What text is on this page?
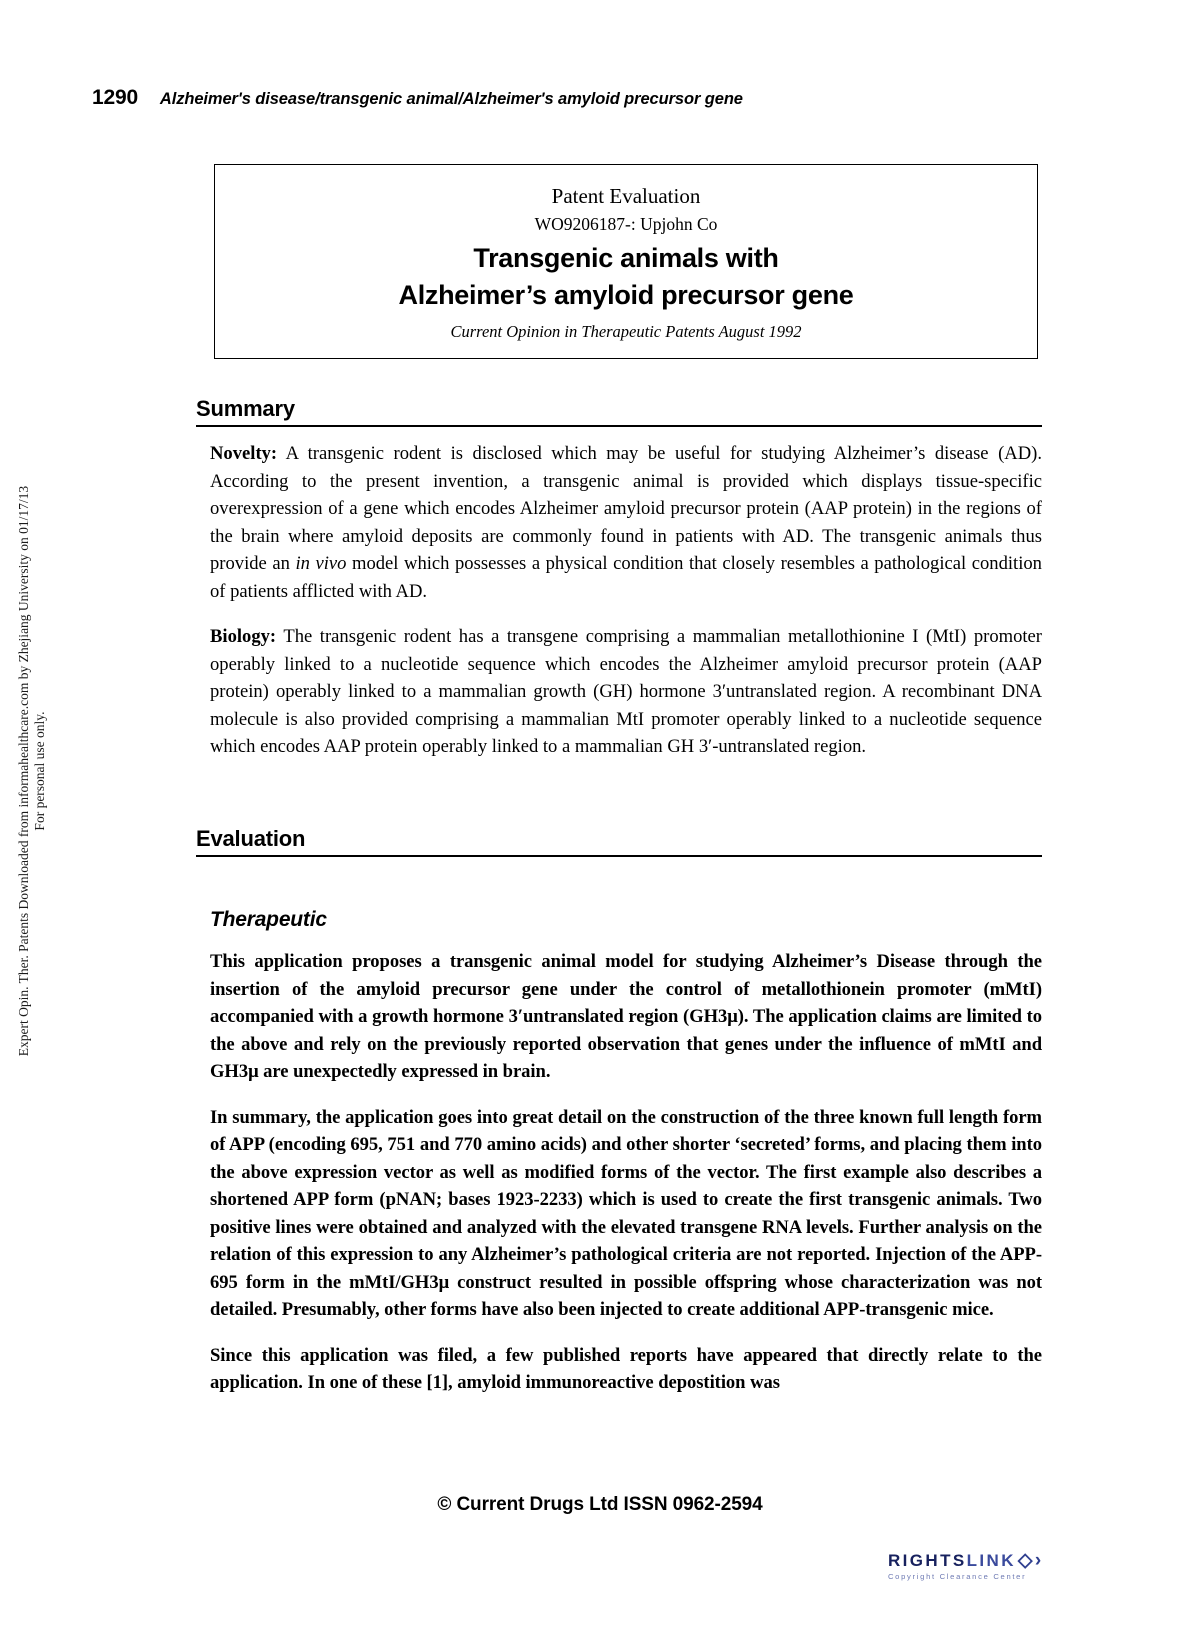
1290 Alzheimer's disease/transgenic animal/Alzheimer's amyloid precursor gene
Expert Opin. Ther. Patents Downloaded from informahealthcare.com by Zhejiang University on 01/17/13 For personal use only.
Patent Evaluation
WO9206187-: Upjohn Co
Transgenic animals with
Alzheimer’s amyloid precursor gene
Current Opinion in Therapeutic Patents August 1992
Summary

Novelty: A transgenic rodent is disclosed which may be useful for studying Alzheimer’s disease (AD). According to the present invention, a transgenic animal is provided which displays tissue-specific overexpression of a gene which encodes Alzheimer amyloid precursor protein (AAP protein) in the regions of the brain where amyloid deposits are commonly found in patients with AD. The transgenic animals thus provide an in vivo model which possesses a physical condition that closely resembles a pathological condition of patients afflicted with AD.

Biology: The transgenic rodent has a transgene comprising a mammalian metallothionine I (MtI) promoter operably linked to a nucleotide sequence which encodes the Alzheimer amyloid precursor protein (AAP protein) operably linked to a mammalian growth (GH) hormone 3′untranslated region. A recombinant DNA molecule is also provided comprising a mammalian MtI promoter operably linked to a nucleotide sequence which encodes AAP protein operably linked to a mammalian GH 3′-untranslated region.

Evaluation

Therapeutic

This application proposes a transgenic animal model for studying Alzheimer’s Disease through the insertion of the amyloid precursor gene under the control of metallothionein promoter (mMtI) accompanied with a growth hormone 3′untranslated region (GH3μ). The application claims are limited to the above and rely on the previously reported observation that genes under the influence of mMtI and GH3μ are unexpectedly expressed in brain.

In summary, the application goes into great detail on the construction of the three known full length form of APP (encoding 695, 751 and 770 amino acids) and other shorter ‘secreted’ forms, and placing them into the above expression vector as well as modified forms of the vector. The first example also describes a shortened APP form (pNAN; bases 1923-2233) which is used to create the first transgenic animals. Two positive lines were obtained and analyzed with the elevated transgene RNA levels. Further analysis on the relation of this expression to any Alzheimer’s pathological criteria are not reported. Injection of the APP-695 form in the mMtI/GH3μ construct resulted in possible offspring whose characterization was not detailed. Presumably, other forms have also been injected to create additional APP-transgenic mice.

Since this application was filed, a few published reports have appeared that directly relate to the application. In one of these [1], amyloid immunoreactive depostition was

© Current Drugs Ltd ISSN 0962-2594
RIGHTS LINK ◇›
Copyright Clearance Center
